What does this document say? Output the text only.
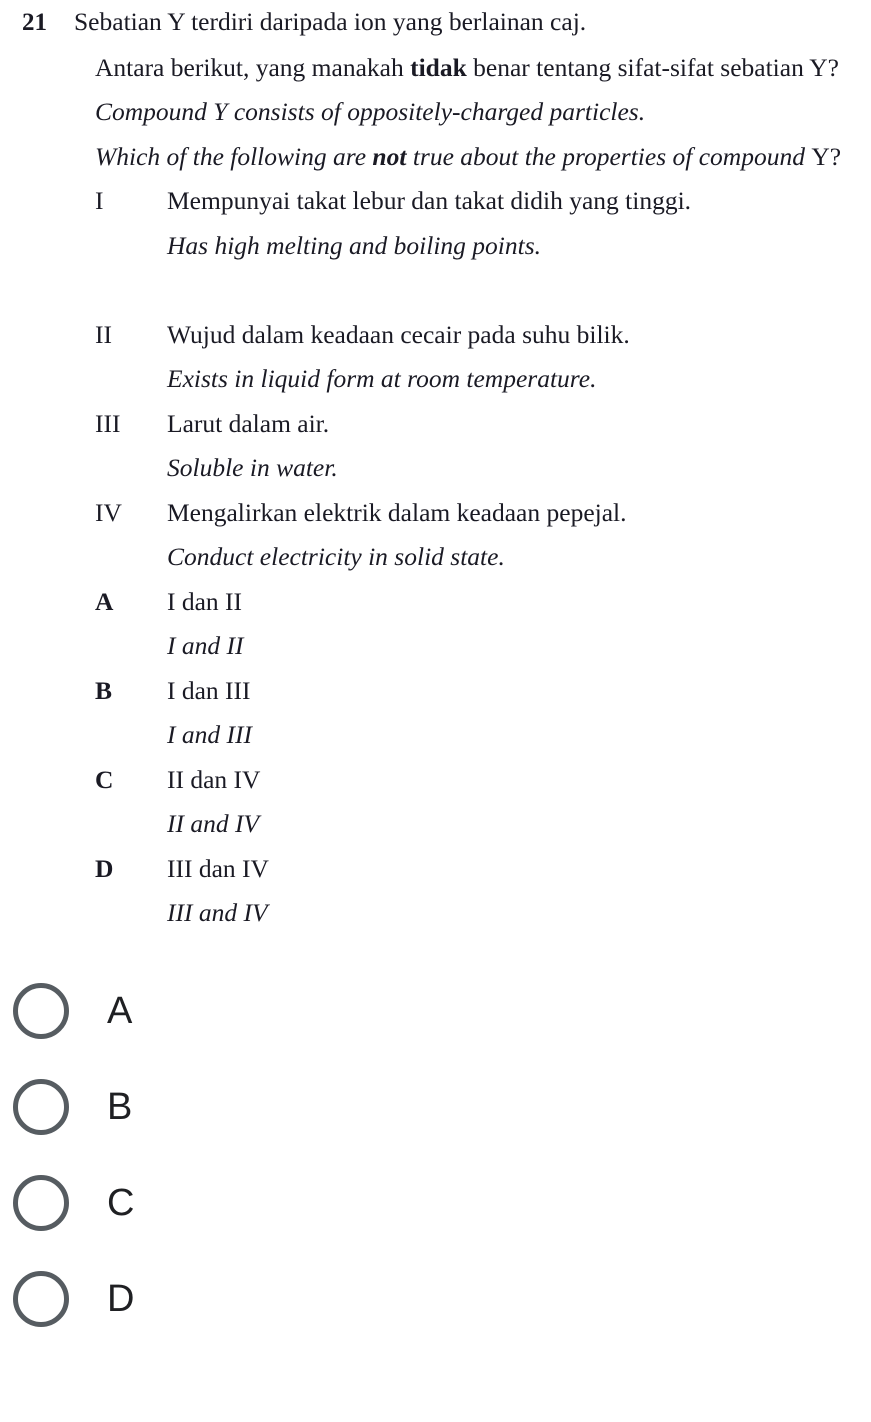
21	Sebatian Y terdiri daripada ion yang berlainan caj.
Antara berikut, yang manakah tidak benar tentang sifat-sifat sebatian Y?
Compound Y consists of oppositely-charged particles.
Which of the following are not true about the properties of compound Y?
I	Mempunyai takat lebur dan takat didih yang tinggi.
Has high melting and boiling points.
II	Wujud dalam keadaan cecair pada suhu bilik.
Exists in liquid form at room temperature.
III	Larut dalam air.
Soluble in water.
IV	Mengalirkan elektrik dalam keadaan pepejal.
Conduct electricity in solid state.
A	I dan II
I and II
B	I dan III
I and III
C	II dan IV
II and IV
D	III dan IV
III and IV
A
B
C
D
